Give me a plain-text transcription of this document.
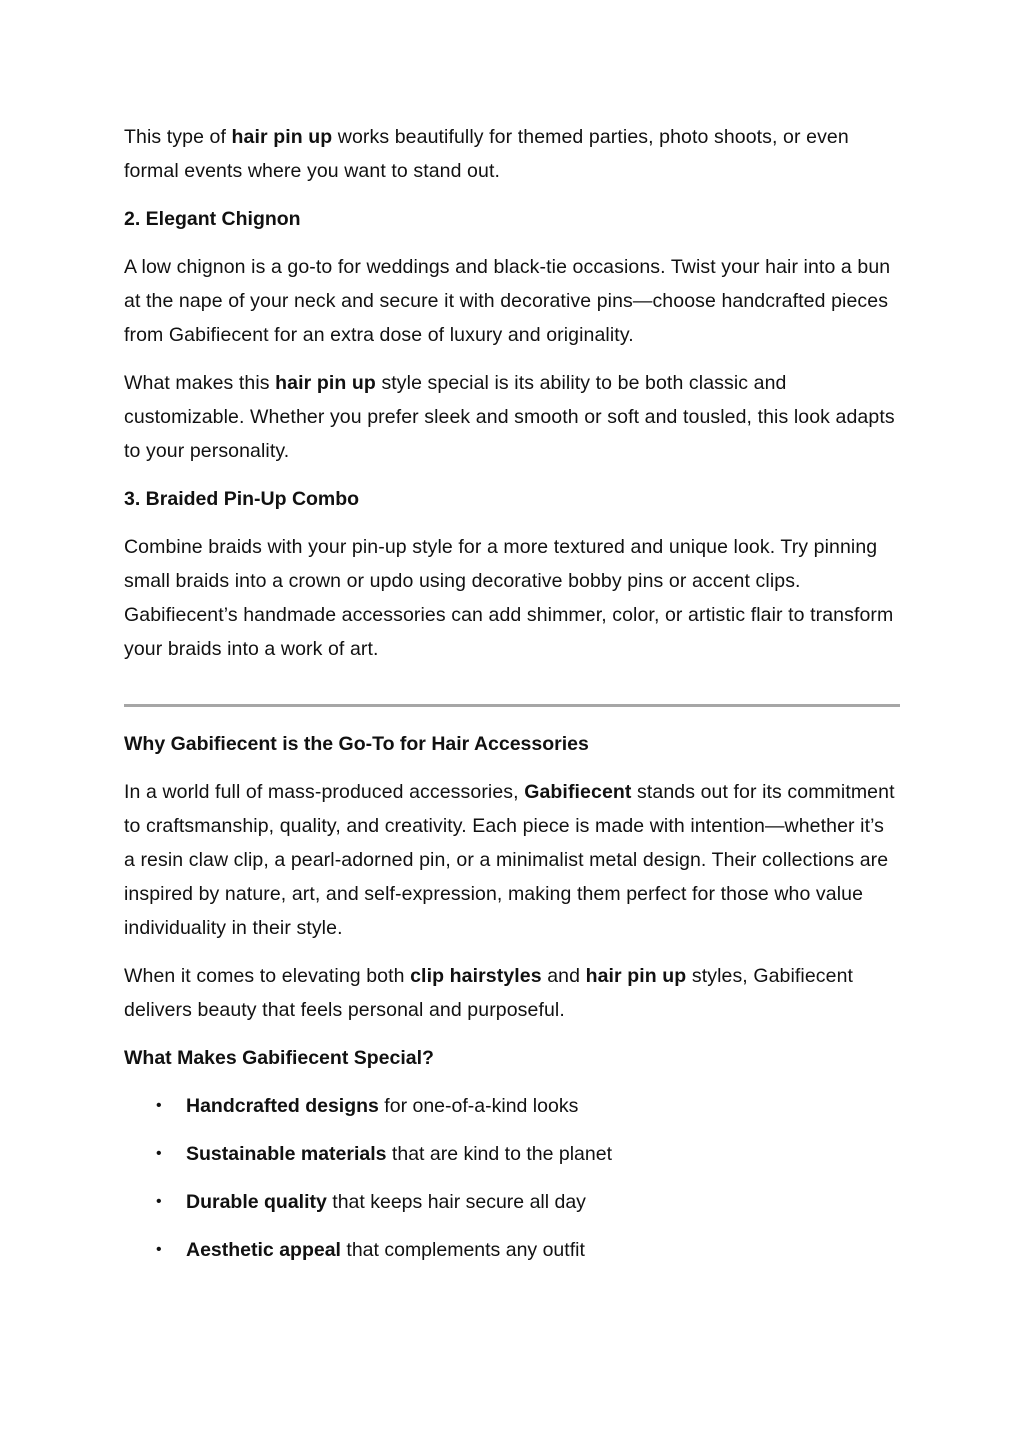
This type of hair pin up works beautifully for themed parties, photo shoots, or even formal events where you want to stand out.

2. Elegant Chignon

A low chignon is a go-to for weddings and black-tie occasions. Twist your hair into a bun at the nape of your neck and secure it with decorative pins—choose handcrafted pieces from Gabifiecent for an extra dose of luxury and originality.

What makes this hair pin up style special is its ability to be both classic and customizable. Whether you prefer sleek and smooth or soft and tousled, this look adapts to your personality.

3. Braided Pin-Up Combo

Combine braids with your pin-up style for a more textured and unique look. Try pinning small braids into a crown or updo using decorative bobby pins or accent clips. Gabifiecent’s handmade accessories can add shimmer, color, or artistic flair to transform your braids into a work of art.

Why Gabifiecent is the Go-To for Hair Accessories

In a world full of mass-produced accessories, Gabifiecent stands out for its commitment to craftsmanship, quality, and creativity. Each piece is made with intention—whether it’s a resin claw clip, a pearl-adorned pin, or a minimalist metal design. Their collections are inspired by nature, art, and self-expression, making them perfect for those who value individuality in their style.

When it comes to elevating both clip hairstyles and hair pin up styles, Gabifiecent delivers beauty that feels personal and purposeful.

What Makes Gabifiecent Special?
• Handcrafted designs for one-of-a-kind looks
• Sustainable materials that are kind to the planet
• Durable quality that keeps hair secure all day
• Aesthetic appeal that complements any outfit
